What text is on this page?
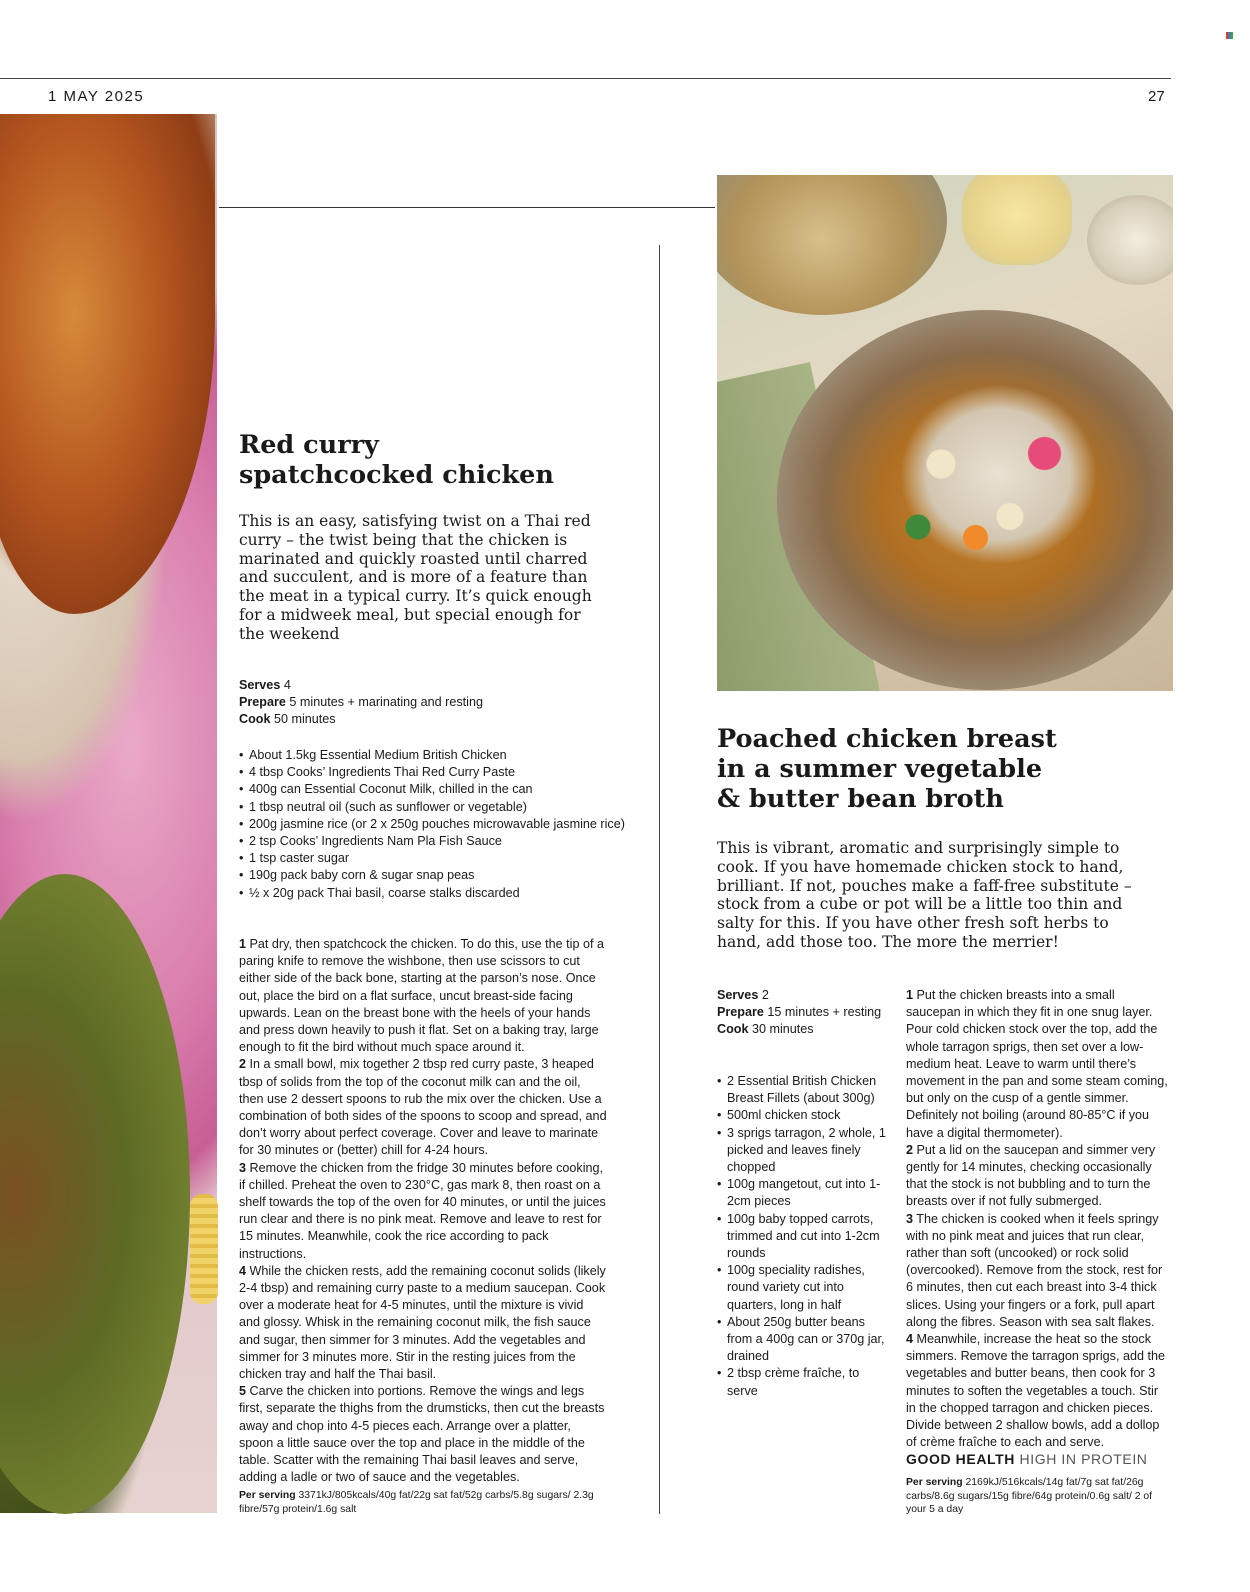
1 MAY 2025	27
Red curry
spatchcocked chicken
This is an easy, satisfying twist on a Thai red curry – the twist being that the chicken is marinated and quickly roasted until charred and succulent, and is more of a feature than the meat in a typical curry. It’s quick enough for a midweek meal, but special enough for the weekend
Serves 4
Prepare 5 minutes + marinating and resting
Cook 50 minutes
• About 1.5kg Essential Medium British Chicken
• 4 tbsp Cooks’ Ingredients Thai Red Curry Paste
• 400g can Essential Coconut Milk, chilled in the can
• 1 tbsp neutral oil (such as sunflower or vegetable)
• 200g jasmine rice (or 2 x 250g pouches microwavable jasmine rice)
• 2 tsp Cooks’ Ingredients Nam Pla Fish Sauce
• 1 tsp caster sugar
• 190g pack baby corn & sugar snap peas
• ½ x 20g pack Thai basil, coarse stalks discarded

1 Pat dry, then spatchcock the chicken. To do this, use the tip of a paring knife to remove the wishbone, then use scissors to cut either side of the back bone, starting at the parson’s nose. Once out, place the bird on a flat surface, uncut breast-side facing upwards. Lean on the breast bone with the heels of your hands and press down heavily to push it flat. Set on a baking tray, large enough to fit the bird without much space around it.

2 In a small bowl, mix together 2 tbsp red curry paste, 3 heaped tbsp of solids from the top of the coconut milk can and the oil, then use 2 dessert spoons to rub the mix over the chicken. Use a combination of both sides of the spoons to scoop and spread, and don’t worry about perfect coverage. Cover and leave to marinate for 30 minutes or (better) chill for 4-24 hours.

3 Remove the chicken from the fridge 30 minutes before cooking, if chilled. Preheat the oven to 230°C, gas mark 8, then roast on a shelf towards the top of the oven for 40 minutes, or until the juices run clear and there is no pink meat. Remove and leave to rest for 15 minutes. Meanwhile, cook the rice according to pack instructions.

4 While the chicken rests, add the remaining coconut solids (likely 2-4 tbsp) and remaining curry paste to a medium saucepan. Cook over a moderate heat for 4-5 minutes, until the mixture is vivid and glossy. Whisk in the remaining coconut milk, the fish sauce and sugar, then simmer for 3 minutes. Add the vegetables and simmer for 3 minutes more. Stir in the resting juices from the chicken tray and half the Thai basil.

5 Carve the chicken into portions. Remove the wings and legs first, separate the thighs from the drumsticks, then cut the breasts away and chop into 4-5 pieces each. Arrange over a platter, spoon a little sauce over the top and place in the middle of the table. Scatter with the remaining Thai basil leaves and serve, adding a ladle or two of sauce and the vegetables.

Per serving 3371kJ/805kcals/40g fat/22g sat fat/52g carbs/5.8g sugars/ 2.3g fibre/57g protein/1.6g salt
Poached chicken breast
in a summer vegetable
& butter bean broth
This is vibrant, aromatic and surprisingly simple to cook. If you have homemade chicken stock to hand, brilliant. If not, pouches make a faff-free substitute – stock from a cube or pot will be a little too thin and salty for this. If you have other fresh soft herbs to hand, add those too. The more the merrier!
Serves 2
Prepare 15 minutes + resting
Cook 30 minutes
• 2 Essential British Chicken Breast Fillets (about 300g)
• 500ml chicken stock
• 3 sprigs tarragon, 2 whole, 1 picked and leaves finely chopped
• 100g mangetout, cut into 1-2cm pieces
• 100g baby topped carrots, trimmed and cut into 1-2cm rounds
• 100g speciality radishes, round variety cut into quarters, long in half
• About 250g butter beans from a 400g can or 370g jar, drained
• 2 tbsp crème fraîche, to serve

1 Put the chicken breasts into a small saucepan in which they fit in one snug layer. Pour cold chicken stock over the top, add the whole tarragon sprigs, then set over a low-medium heat. Leave to warm until there’s movement in the pan and some steam coming, but only on the cusp of a gentle simmer. Definitely not boiling (around 80-85°C if you have a digital thermometer).

2 Put a lid on the saucepan and simmer very gently for 14 minutes, checking occasionally that the stock is not bubbling and to turn the breasts over if not fully submerged.

3 The chicken is cooked when it feels springy with no pink meat and juices that run clear, rather than soft (uncooked) or rock solid (overcooked). Remove from the stock, rest for 6 minutes, then cut each breast into 3-4 thick slices. Using your fingers or a fork, pull apart along the fibres. Season with sea salt flakes.

4 Meanwhile, increase the heat so the stock simmers. Remove the tarragon sprigs, add the vegetables and butter beans, then cook for 3 minutes to soften the vegetables a touch. Stir in the chopped tarragon and chicken pieces. Divide between 2 shallow bowls, add a dollop of crème fraîche to each and serve.

GOOD HEALTH HIGH IN PROTEIN
Per serving 2169kJ/516kcals/14g fat/7g sat fat/26g carbs/8.6g sugars/15g fibre/64g protein/0.6g salt/ 2 of your 5 a day
